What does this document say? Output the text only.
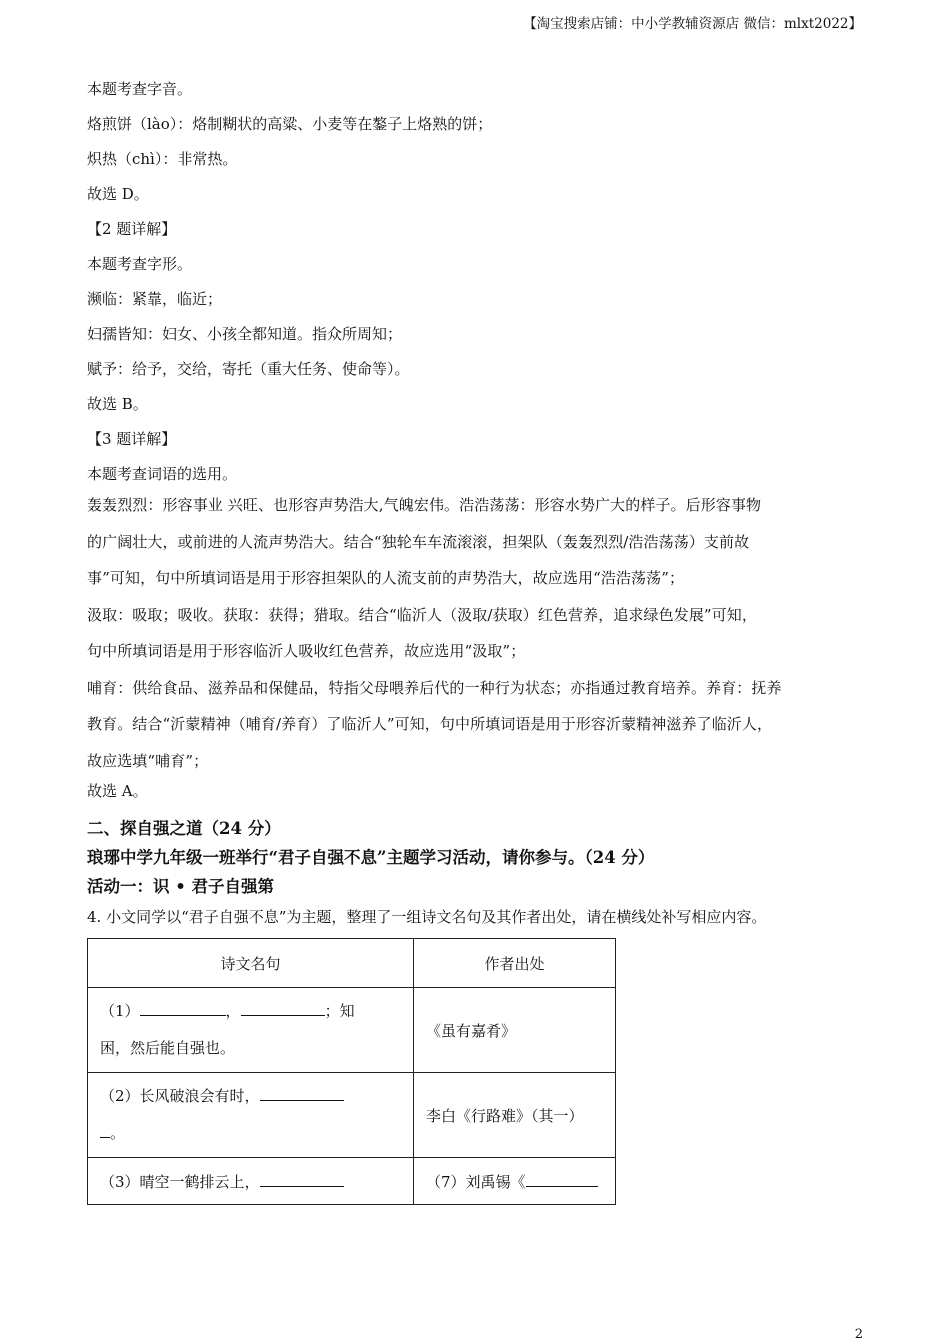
【淘宝搜索店铺：中小学教辅资源店 微信：mlxt2022】

本题考查字音。

烙煎饼（lào）：烙制糊状的高粱、小麦等在鏊子上烙熟的饼；

炽热（chì）：非常热。

故选 D。

【2 题详解】

本题考查字形。

濒临：紧靠，临近；

妇孺皆知：妇女、小孩全都知道。指众所周知；

赋予：给予，交给，寄托（重大任务、使命等）。

故选 B。

【3 题详解】

本题考查词语的选用。

轰轰烈烈：形容事业 兴旺、也形容声势浩大,气魄宏伟。浩浩荡荡：形容水势广大的样子。后形容事物
的广阔壮大，或前进的人流声势浩大。结合“独轮车车流滚滚，担架队（轰轰烈烈/浩浩荡荡）支前故
事”可知，句中所填词语是用于形容担架队的人流支前的声势浩大，故应选用“浩浩荡荡”；

汲取：吸取；吸收。获取：获得；猎取。结合“临沂人（汲取/获取）红色营养，追求绿色发展”可知，
句中所填词语是用于形容临沂人吸收红色营养，故应选用“汲取”；

哺育：供给食品、滋养品和保健品，特指父母喂养后代的一种行为状态；亦指通过教育培养。养育：抚养
教育。结合“沂蒙精神（哺育/养育）了临沂人”可知，句中所填词语是用于形容沂蒙精神滋养了临沂人，
故应选填“哺育”；

故选 A。

二、探自强之道（24 分）

琅琊中学九年级一班举行“君子自强不息”主题学习活动，请你参与。（24 分）

活动一：识 • 君子自强第

4. 小文同学以“君子自强不息”为主题，整理了一组诗文名句及其作者出处，请在横线处补写相应内容。

诗文名句	作者出处
（1） ， ；知
困，然后能自强也。	《虽有嘉肴》
（2）长风破浪会有时，
。	李白《行路难》（其一）
（3）晴空一鹤排云上，	（7）刘禹锡《
2
